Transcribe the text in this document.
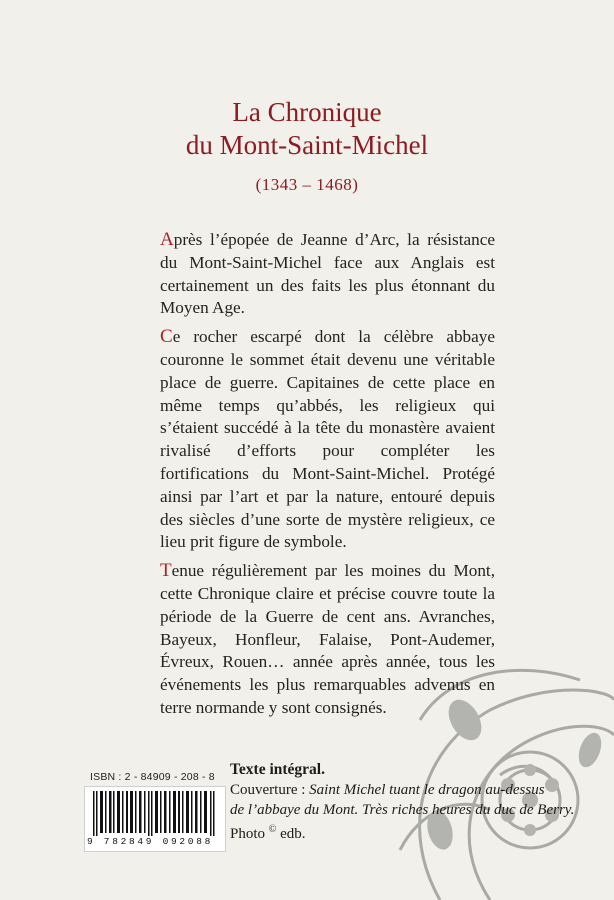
La Chronique
du Mont-Saint-Michel
(1343 – 1468)

Après l’épopée de Jeanne d’Arc, la résistance du Mont-Saint-Michel face aux Anglais est certainement un des faits les plus étonnant du Moyen Age.

Ce rocher escarpé dont la célèbre abbaye couronne le sommet était devenu une véritable place de guerre. Capitaines de cette place en même temps qu’abbés, les religieux qui s’étaient succédé à la tête du monastère avaient rivalisé d’efforts pour compléter les fortifications du Mont-Saint-Michel. Protégé ainsi par l’art et par la nature, entouré depuis des siècles d’une sorte de mystère religieux, ce lieu prit figure de symbole.

Tenue régulièrement par les moines du Mont, cette Chronique claire et précise couvre toute la période de la Guerre de cent ans. Avranches, Bayeux, Honfleur, Falaise, Pont-Audemer, Évreux, Rouen… année après année, tous les événements les plus remarquables advenus en terre normande y sont consignés.

ISBN : 2 - 84909 - 208 - 8
9 782849 092088
Texte intégral.
Couverture : Saint Michel tuant le dragon au-dessus
de l’abbaye du Mont. Très riches heures du duc de Berry.
Photo © edb.
